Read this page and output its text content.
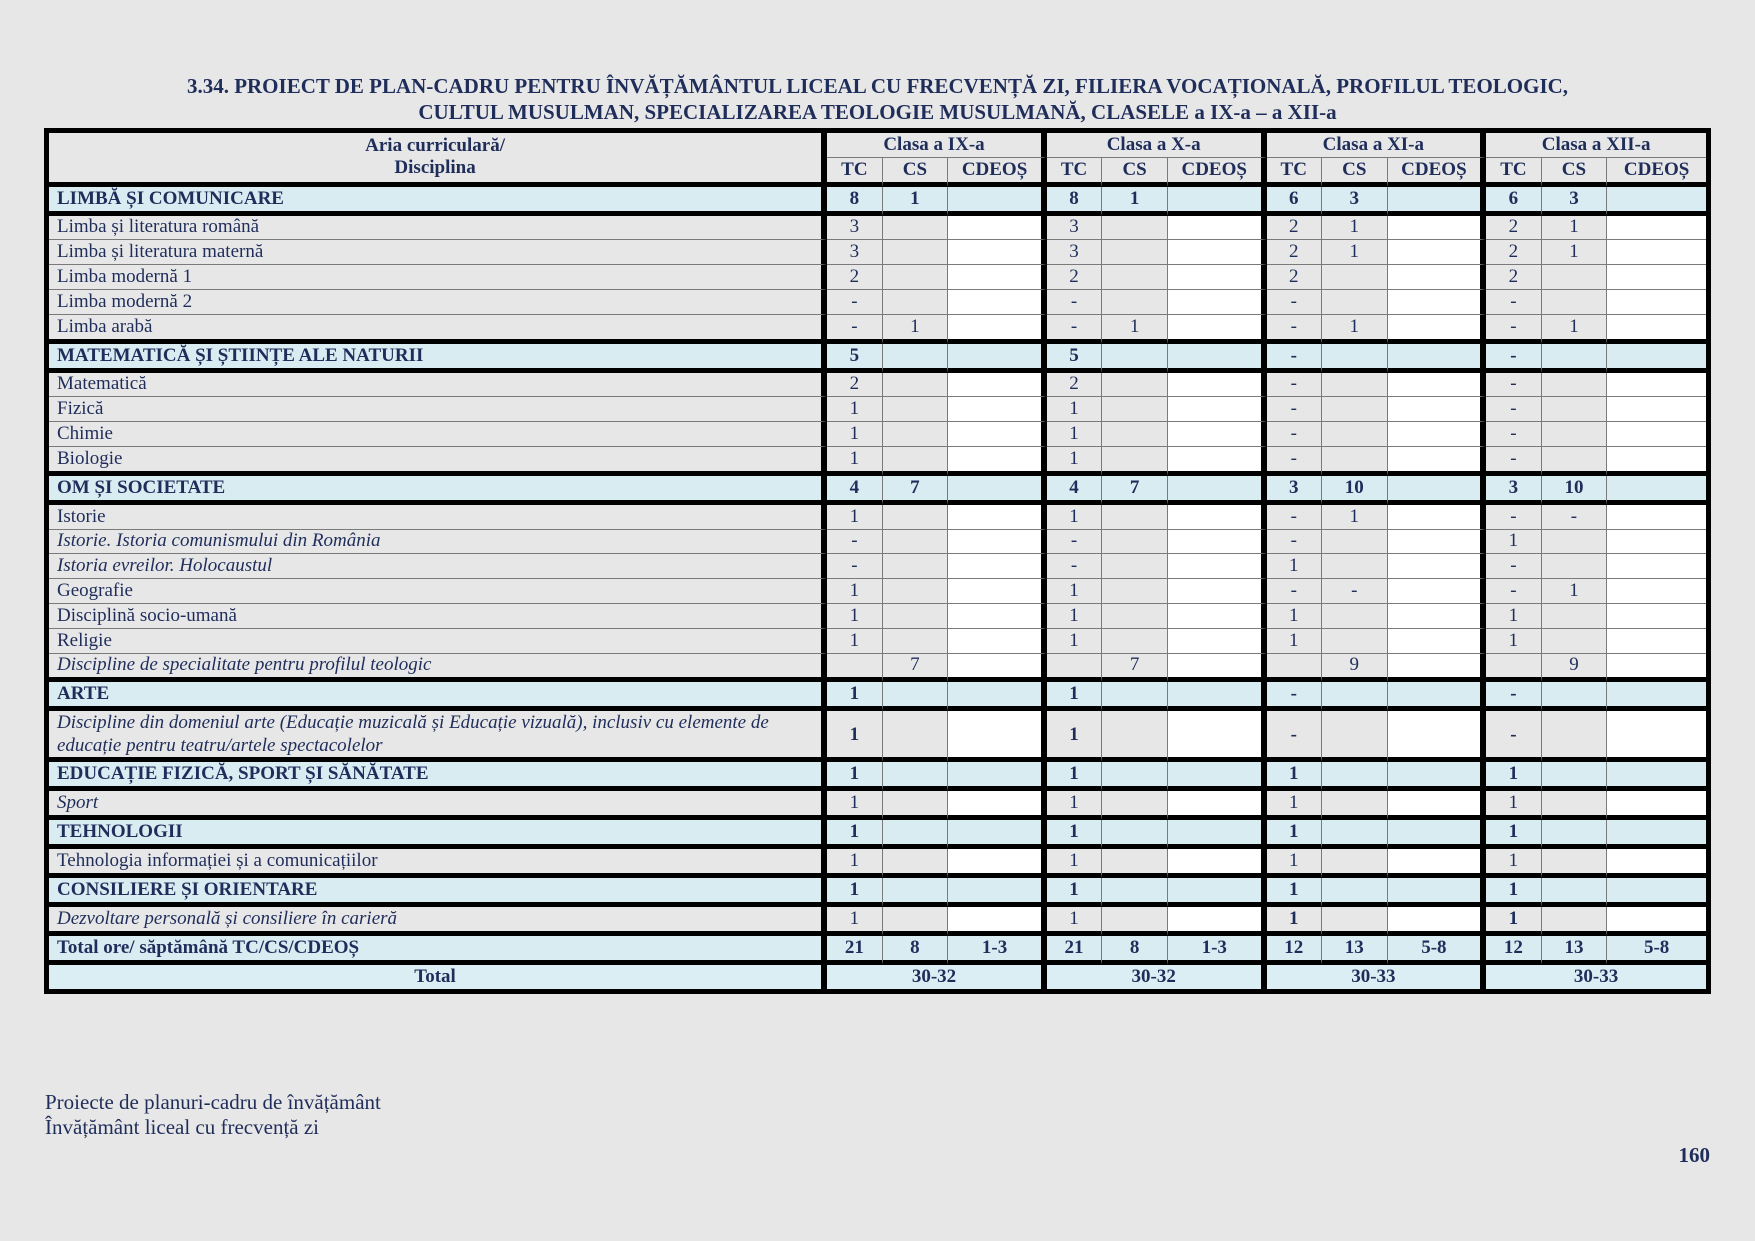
3.34. PROIECT DE PLAN-CADRU PENTRU ÎNVĂȚĂMÂNTUL LICEAL CU FRECVENȚĂ ZI, FILIERA VOCAȚIONALĂ, PROFILUL TEOLOGIC,
CULTUL MUSULMAN, SPECIALIZAREA TEOLOGIE MUSULMANĂ, CLASELE a IX-a – a XII-a
Aria curriculară/
Disciplina	Clasa a IX-a			Clasa a X-a			Clasa a XI-a			Clasa a XII-a		
	TC	CS	CDEOȘ	TC	CS	CDEOȘ	TC	CS	CDEOȘ	TC	CS	CDEOȘ
LIMBĂ ȘI COMUNICARE	8	1		8	1		6	3		6	3	
Limba și literatura română	3			3			2	1		2	1	
Limba și literatura maternă	3			3			2	1		2	1	
Limba modernă 1	2			2			2			2		
Limba modernă 2	-			-			-			-		
Limba arabă	-	1		-	1		-	1		-	1	
MATEMATICĂ ȘI ȘTIINȚE ALE NATURII	5			5			-			-		
Matematică	2			2			-			-		
Fizică	1			1			-			-		
Chimie	1			1			-			-		
Biologie	1			1			-			-		
OM ȘI SOCIETATE	4	7		4	7		3	10		3	10	
Istorie	1			1			-	1		-	-	
Istorie. Istoria comunismului din România	-			-			-			1		
Istoria evreilor. Holocaustul	-			-			1			-		
Geografie	1			1			-	-		-	1	
Disciplină socio-umană	1			1			1			1		
Religie	1			1			1			1		
Discipline de specialitate pentru profilul teologic		7			7			9			9	
ARTE	1			1			-			-		
Discipline din domeniul arte (Educație muzicală și Educație vizuală), inclusiv cu elemente de educație pentru teatru/artele spectacolelor	1			1			-			-		
EDUCAȚIE FIZICĂ, SPORT ȘI SĂNĂTATE	1			1			1			1		
Sport	1			1			1			1		
TEHNOLOGII	1			1			1			1		
Tehnologia informației și a comunicațiilor	1			1			1			1		
CONSILIERE ȘI ORIENTARE	1			1			1			1		
Dezvoltare personală și consiliere în carieră	1			1			1			1		
Total ore/ săptămână TC/CS/CDEOȘ	21	8	1-3	21	8	1-3	12	13	5-8	12	13	5-8
Total	30-32			30-32			30-33			30-33		
Proiecte de planuri-cadru de învățământ
Învățământ liceal cu frecvență zi
160
